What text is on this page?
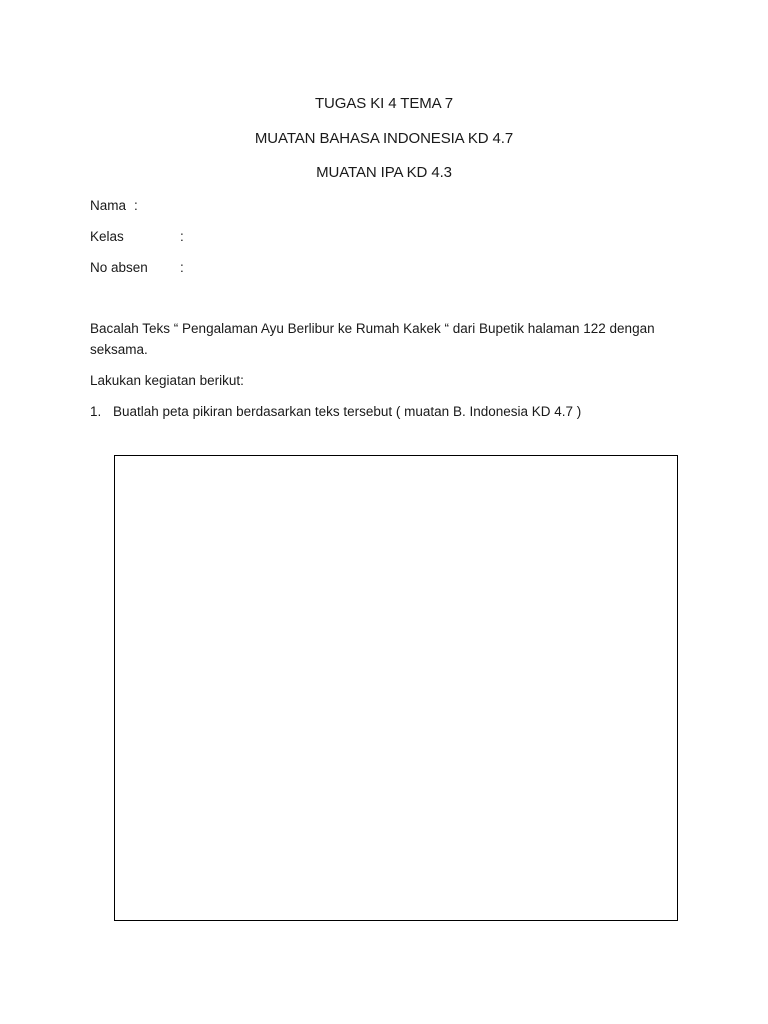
TUGAS KI 4 TEMA 7
MUATAN BAHASA INDONESIA KD 4.7
MUATAN IPA KD 4.3
Nama :
Kelas	:
No absen :
Bacalah Teks “ Pengalaman Ayu Berlibur ke Rumah Kakek “ dari Bupetik halaman 122 dengan seksama.
Lakukan kegiatan berikut:
1. Buatlah peta pikiran berdasarkan teks tersebut ( muatan B. Indonesia KD 4.7 )
